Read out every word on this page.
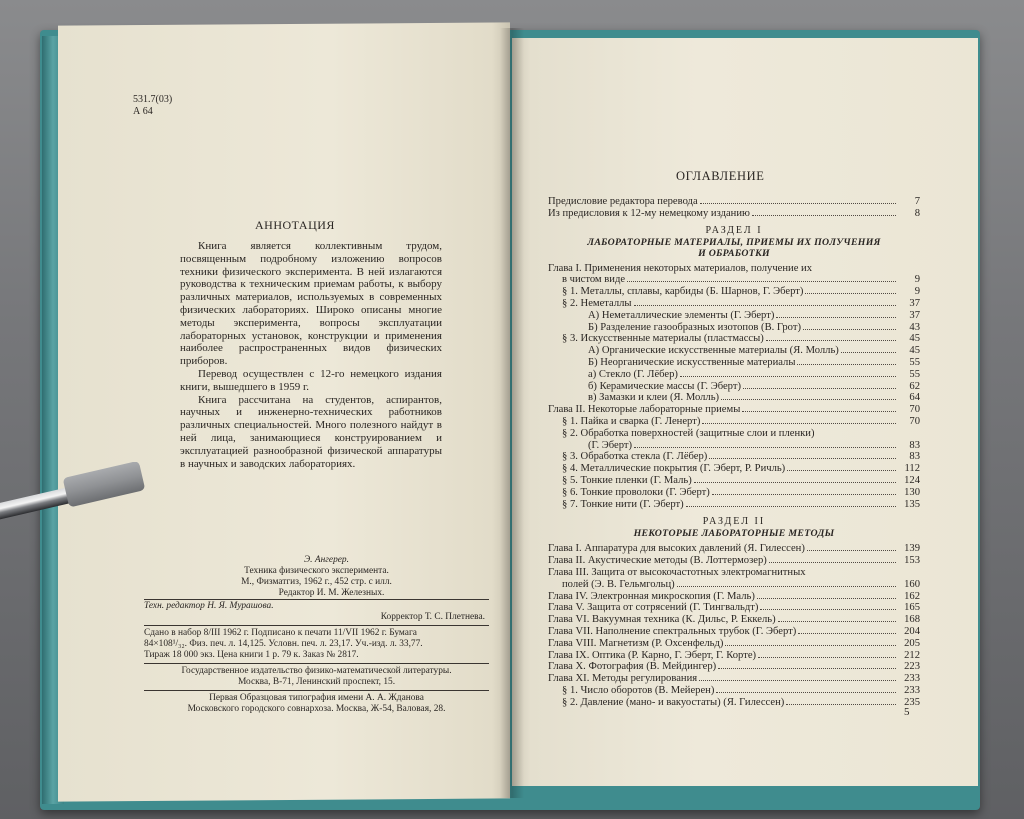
531.7(03)
А 64
АННОТАЦИЯ

Книга является коллективным трудом, посвященным подробному изложению вопросов техники физического эксперимента. В ней излагаются руководства к техническим приемам работы, к выбору различных материалов, используемых в современных физических лабораториях. Широко описаны многие методы эксперимента, вопросы эксплуатации лабораторных установок, конструкции и применения наиболее распространенных видов физических приборов.

Перевод осуществлен с 12-го немецкого издания книги, вышедшего в 1959 г.

Книга рассчитана на студентов, аспирантов, научных и инженерно-технических работников различных специальностей. Много полезного найдут в ней лица, занимающиеся конструированием и эксплуатацией разнообразной физической аппаратуры в научных и заводских лабораториях.

Э. Ангерер.
Техника физического эксперимента.
М., Физматгиз, 1962 г., 452 стр. с илл.
Редактор И. М. Железных.
Техн. редактор Н. Я. Мурашова.
Корректор Т. С. Плетнева.
Сдано в набор 8/III 1962 г. Подписано к печати 11/VII 1962 г. Бумага
84×108¹/₃₂. Физ. печ. л. 14,125. Условн. печ. л. 23,17. Уч.-изд. л. 33,77.
Тираж 18 000 экз. Цена книги 1 р. 79 к. Заказ № 2817.
Государственное издательство физико-математической литературы.
Москва, В-71, Ленинский проспект, 15.
Первая Образцовая типография имени А. А. Жданова
Московского городского совнархоза. Москва, Ж-54, Валовая, 28.
ОГЛАВЛЕНИЕ
Предисловие редактора перевода	7
Из предисловия к 12-му немецкому изданию	8
РАЗДЕЛ I
ЛАБОРАТОРНЫЕ МАТЕРИАЛЫ, ПРИЕМЫ ИХ ПОЛУЧЕНИЯ
И ОБРАБОТКИ
Глава I. Применения некоторых материалов, получение их
в чистом виде	9
§ 1. Металлы, сплавы, карбиды (Б. Шарнов, Г. Эберт)	9
§ 2. Неметаллы	37
А) Неметаллические элементы (Г. Эберт)	37
Б) Разделение газообразных изотопов (В. Грот)	43
§ 3. Искусственные материалы (пластмассы)	45
А) Органические искусственные материалы (Я. Молль)	45
Б) Неорганические искусственные материалы	55
а) Стекло (Г. Лёбер)	55
б) Керамические массы (Г. Эберт)	62
в) Замазки и клеи (Я. Молль)	64
Глава II. Некоторые лабораторные приемы	70
§ 1. Пайка и сварка (Г. Ленерт)	70
§ 2. Обработка поверхностей (защитные слои и пленки)
(Г. Эберт)	83
§ 3. Обработка стекла (Г. Лёбер)	83
§ 4. Металлические покрытия (Г. Эберт, Р. Ричль)	112
§ 5. Тонкие пленки (Г. Маль)	124
§ 6. Тонкие проволоки (Г. Эберт)	130
§ 7. Тонкие нити (Г. Эберт)	135
РАЗДЕЛ II
НЕКОТОРЫЕ ЛАБОРАТОРНЫЕ МЕТОДЫ
Глава I. Аппаратура для высоких давлений (Я. Гилессен)	139
Глава II. Акустические методы (В. Лоттермозер)	153
Глава III. Защита от высокочастотных электромагнитных
полей (Э. В. Гельмгольц)	160
Глава IV. Электронная микроскопия (Г. Маль)	162
Глава V. Защита от сотрясений (Г. Тингвальдт)	165
Глава VI. Вакуумная техника (К. Дильс, Р. Еккель)	168
Глава VII. Наполнение спектральных трубок (Г. Эберт)	204
Глава VIII. Магнетизм (Р. Охсенфельд)	205
Глава IX. Оптика (Р. Карно, Г. Эберт, Г. Корте)	212
Глава X. Фотография (В. Мейдингер)	223
Глава XI. Методы регулирования	233
§ 1. Число оборотов (В. Мейерен)	233
§ 2. Давление (мано- и вакуостаты) (Я. Гилессен)	235
5
